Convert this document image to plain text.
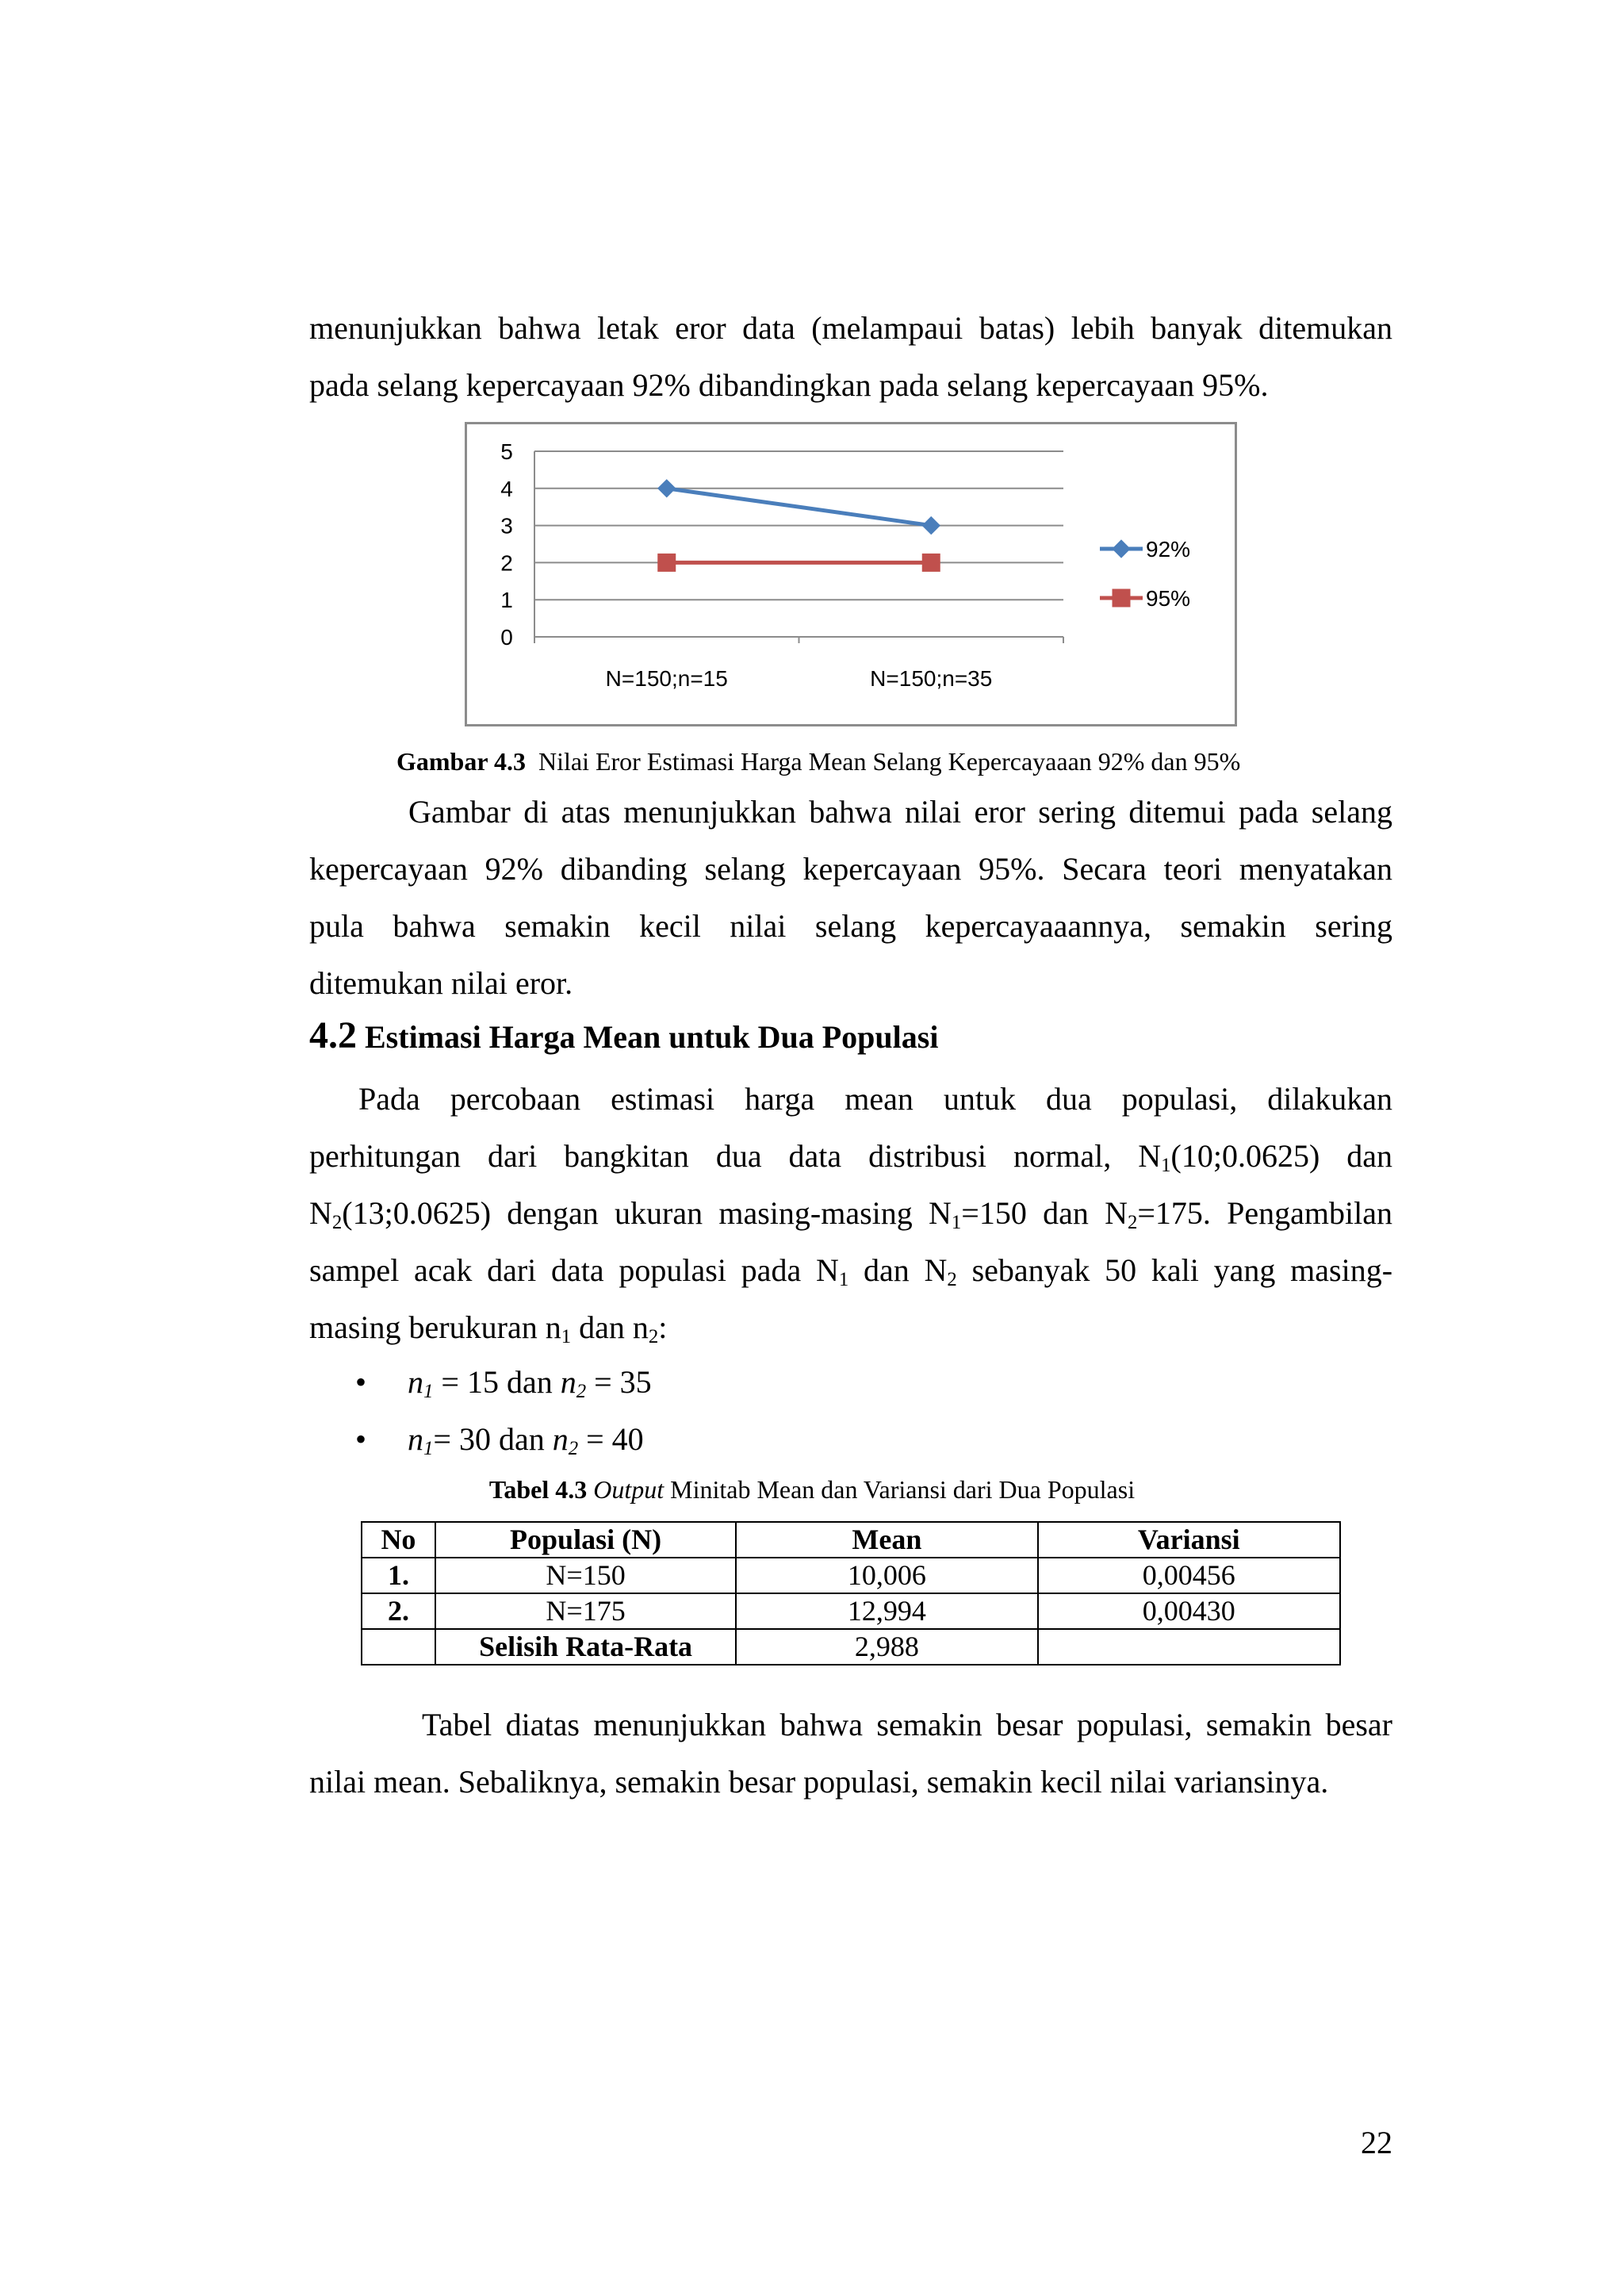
menunjukkan bahwa letak eror data (melampaui batas) lebih banyak ditemukan
pada selang kepercayaan 92% dibandingkan pada selang kepercayaan 95%.
0
1
2
3
4
5
N=150;n=15	N=150;n=35
92%
95%

Gambar 4.3 Nilai Eror Estimasi Harga Mean Selang Kepercayaaan 92% dan 95%

Gambar di atas menunjukkan bahwa nilai eror sering ditemui pada selang
kepercayaan 92% dibanding selang kepercayaan 95%. Secara teori menyatakan
pula bahwa semakin kecil nilai selang kepercayaaannya, semakin sering
ditemukan nilai eror.

4.2 Estimasi Harga Mean untuk Dua Populasi

Pada percobaan estimasi harga mean untuk dua populasi, dilakukan
perhitungan dari bangkitan dua data distribusi normal, $N_1(10;0.0625)$ dan
$N_2(13;0.0625)$ dengan ukuran masing-masing $N_1=150$ dan $N_2=175$. Pengambilan
sampel acak dari data populasi pada $N_1$ dan $N_2$ sebanyak 50 kali yang masing-
masing berukuran $n_1$ dan $n_2$:

• $n_1 = 15$ dan $n_2 = 35$

• $n_1= 30$ dan $n_2 = 40$

Tabel 4.3 Output Minitab Mean dan Variansi dari Dua Populasi

No	Populasi (N)	Mean	Variansi
1.	N=150	10,006	0,00456
2.	N=175	12,994	0,00430
	Selisih Rata-Rata	2,988	
Tabel diatas menunjukkan bahwa semakin besar populasi, semakin besar
nilai mean. Sebaliknya, semakin besar populasi, semakin kecil nilai variansinya.

22
